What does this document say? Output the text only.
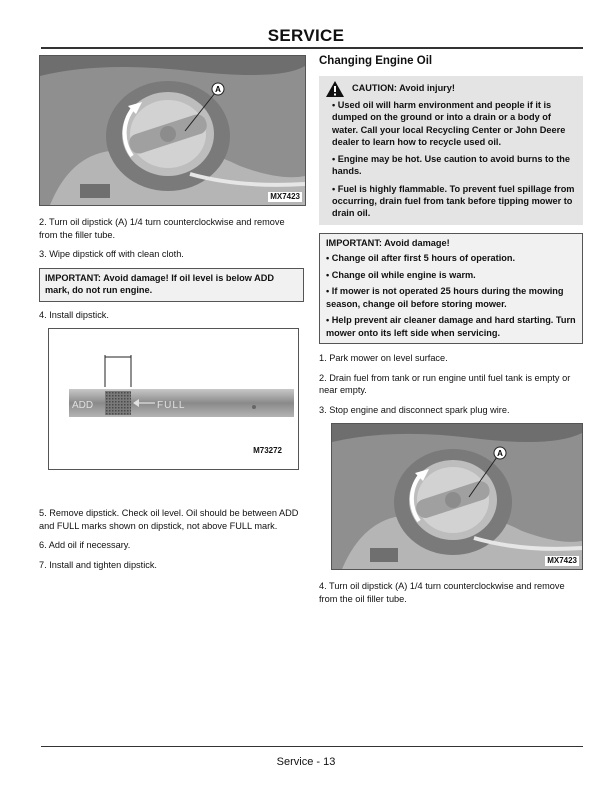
SERVICE
A
MX7423

2. Turn oil dipstick (A) 1/4 turn counterclockwise and remove from the filler tube.

3. Wipe dipstick off with clean cloth.

IMPORTANT: Avoid damage! If oil level is below ADD mark, do not run engine.

4. Install dipstick.

ADD	FULL
M73272

5. Remove dipstick. Check oil level. Oil should be between ADD and FULL marks shown on dipstick, not above FULL mark.

6. Add oil if necessary.

7. Install and tighten dipstick.

Changing Engine Oil
CAUTION: Avoid injury!
• Used oil will harm environment and people if it is dumped on the ground or into a drain or a body of water. Call your local Recycling Center or John Deere dealer to learn how to recycle used oil.
• Engine may be hot. Use caution to avoid burns to the hands.
• Fuel is highly flammable. To prevent fuel spillage from occurring, drain fuel from tank before tipping mower to drain oil.
IMPORTANT: Avoid damage!
• Change oil after first 5 hours of operation.
• Change oil while engine is warm.
• If mower is not operated 25 hours during the mowing season, change oil before storing mower.
• Help prevent air cleaner damage and hard starting. Turn mower onto its left side when servicing.

1. Park mower on level surface.

2. Drain fuel from tank or run engine until fuel tank is empty or near empty.

3. Stop engine and disconnect spark plug wire.

A
MX7423

4. Turn oil dipstick (A) 1/4 turn counterclockwise and remove from the oil filler tube.

Service - 13
